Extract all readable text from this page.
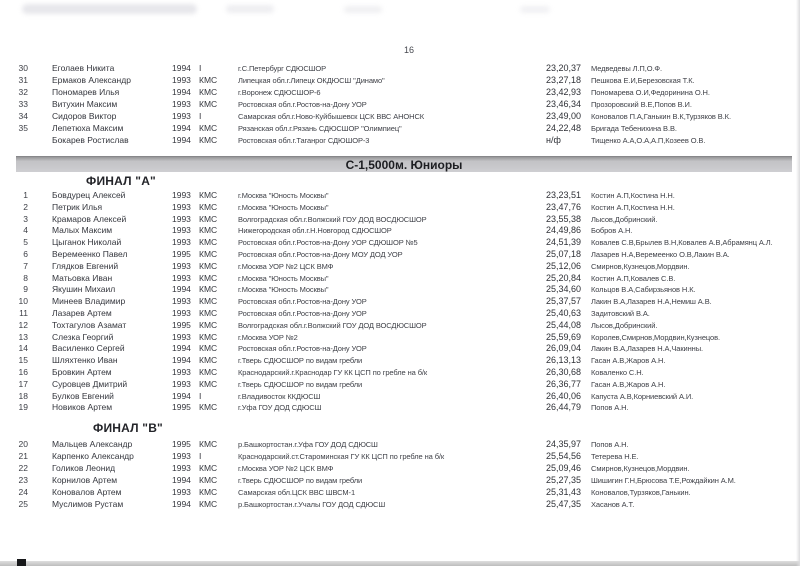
16
30	Еголаев Никита	1994 I	г.С.Петербург СДЮСШОР	23,20,37	Медведевы Л.П,О.Ф.
31	Ермаков Александр	1993 КМС	Липецкая обл.г.Липецк ОКДЮСШ "Динамо"	23,27,18	Пешкова Е.И,Березовская Т.К.
32	Пономарев Илья	1994 КМС	г.Воронеж СДЮСШОР-6	23,42,93	Пономарева О.И,Федоринина О.Н.
33	Витухин Максим	1993 КМС	Ростовская обл.г.Ростов-на-Дону УОР	23,46,34	Прозоровский В.Е,Попов В.И.
34	Сидоров Виктор	1993 I	Самарская обл.г.Ново-Куйбышевск ЦСК ВВС АНОНСК	23,49,00	Коновалов П.А,Ганькин В.К,Турзяков В.К.
35	Лепетюха Максим	1994 КМС	Рязанская обл.г.Рязань СДЮСШОР "Олимпиец"	24,22,48	Бригада Тебенихина В.В.
Бокарев Ростислав	1994 КМС	Ростовская обл.г.Таганрог СДЮШОР-3	н/ф	Тищенко А.А,О.А,А.П,Козеев О.В.
С-1,5000м. Юниоры
ФИНАЛ "А"
1	Бовдурец Алексей	1993 КМС	г.Москва "Юность Москвы"	23,23,51	Костин А.П,Костина Н.Н.
2	Петрик Илья	1993 КМС	г.Москва "Юность Москвы"	23,47,76	Костин А.П,Костина Н.Н.
3	Крамаров Алексей	1993 КМС	Волгоградская обл.г.Волжский ГОУ ДОД ВОСДЮСШОР	23,55,38	Лысов,Добринский.
4	Малых Максим	1993 КМС	Нижегородская обл.г.Н.Новгород СДЮСШОР	24,49,86	Бобров А.Н.
5	Цыганок Николай	1993 КМС	Ростовская обл.г.Ростов-на-Дону УОР СДЮШОР №5	24,51,39	Ковалев С.В,Брылев В.Н,Ковалев А.В,Абрамянц А.Л.
6	Веремеенко Павел	1995 КМС	Ростовская обл.г.Ростов-на-Дону МОУ ДОД УОР	25,07,18	Лазарев Н.А,Веремеенко О.В,Лакин В.А.
7	Глядков Евгений	1993 КМС	г.Москва УОР №2 ЦСК ВМФ	25,12,06	Смирнов,Кузнецов,Мордвин.
8	Матьовка Иван	1993 КМС	г.Москва "Юность Москвы"	25,20,84	Костин А.П,Ковалев С.В.
9	Якушин Михаил	1994 КМС	г.Москва "Юность Москвы"	25,34,60	Кольцов В.А,Сабирзьянов Н.К.
10	Минеев Владимир	1993 КМС	Ростовская обл.г.Ростов-на-Дону УОР	25,37,57	Лакин В.А,Лазарев Н.А,Немиш А.В.
11	Лазарев Артем	1993 КМС	Ростовская обл.г.Ростов-на-Дону УОР	25,40,63	Задитовский В.А.
12	Тохтагулов Азамат	1995 КМС	Волгоградская обл.г.Волжский ГОУ ДОД ВОСДЮСШОР	25,44,08	Лысов,Добринский.
13	Слезка Георгий	1993 КМС	г.Москва УОР №2	25,59,69	Королев,Смирнов,Мордвин,Кузнецов.
14	Василенко Сергей	1994 КМС	Ростовская обл.г.Ростов-на-Дону УОР	26,09,04	Лакин В.А,Лазарев Н.А,Чакинны.
15	Шляхтенко Иван	1994 КМС	г.Тверь СДЮСШОР по видам гребли	26,13,13	Гасан А.В,Жаров А.Н.
16	Бровкин Артем	1993 КМС	Краснодарский.г.Краснодар ГУ КК ЦСП по гребле на б/к	26,30,68	Коваленко С.Н.
17	Суровцев Дмитрий	1993 КМС	г.Тверь СДЮСШОР по видам гребли	26,36,77	Гасан А.В,Жаров А.Н.
18	Булков Евгений	1994 I	г.Владивосток ККДЮСШ	26,40,06	Капуста А.В,Корниевский А.И.
19	Новиков Артем	1995 КМС	г.Уфа ГОУ ДОД СДЮСШ	26,44,79	Попов А.Н.
ФИНАЛ "В"
20	Мальцев Александр	1995 КМС	р.Башкортостан.г.Уфа ГОУ ДОД СДЮСШ	24,35,97	Попов А.Н.
21	Карпенко Александр	1993 I	Краснодарский.ст.Староминская ГУ КК ЦСП по гребле на б/к	25,54,56	Тетерева Н.Е.
22	Голиков Леонид	1993 КМС	г.Москва УОР №2 ЦСК ВМФ	25,09,46	Смирнов,Кузнецов,Мордвин.
23	Корнилов Артем	1994 КМС	г.Тверь СДЮСШОР по видам гребли	25,27,35	Шишигин Г.Н,Брюсова Т.Е,Рождайкин А.М.
24	Коновалов Артем	1993 КМС	Самарская обл.ЦСК ВВС ШВСМ-1	25,31,43	Коновалов,Турзяков,Ганькин.
25	Муслимов Рустам	1994 КМС	р.Башкортостан.г.Учалы ГОУ ДОД СДЮСШ	25,47,35	Хасанов А.Т.
